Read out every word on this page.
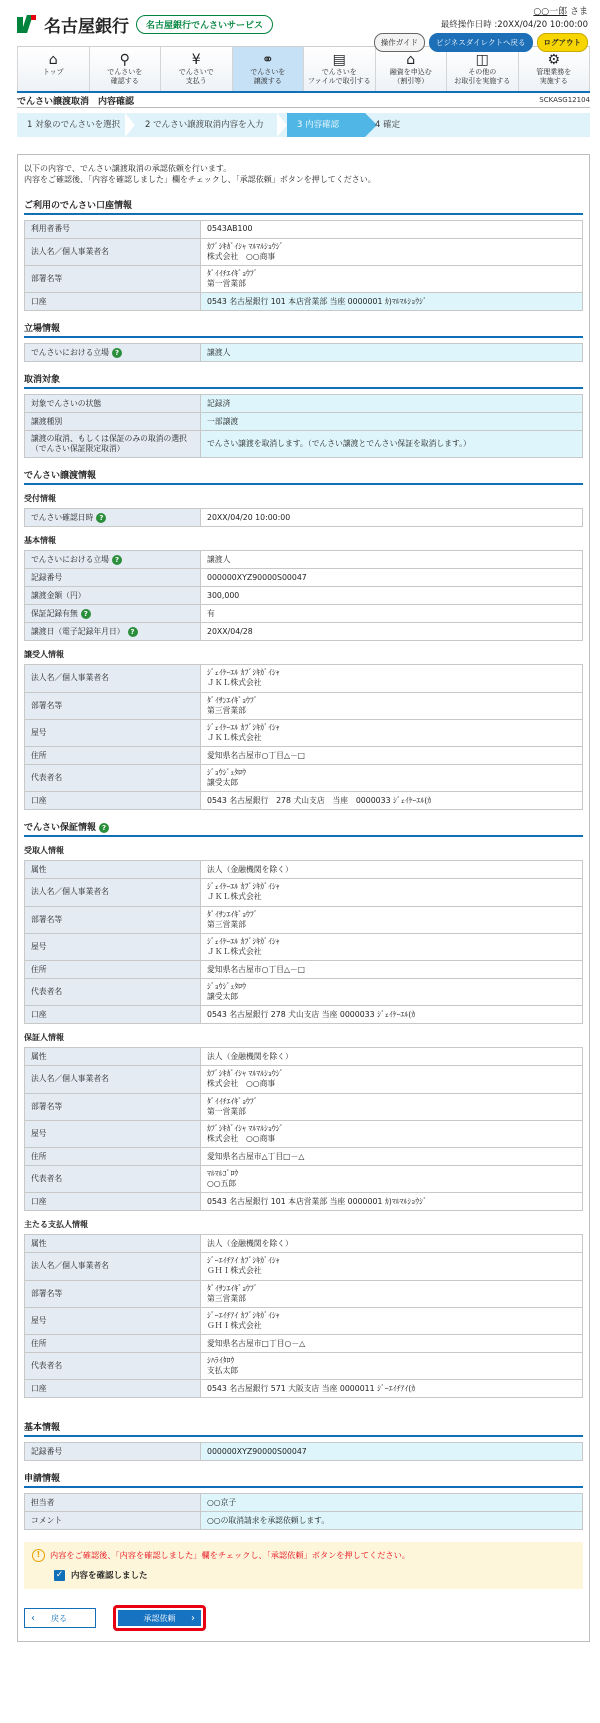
名古屋銀行	名古屋銀行でんさいサービス
○○一郎 さま
最終操作日時 :20XX/04/20 10:00:00
操作ガイド	ビジネスダイレクトへ戻る	ログアウト
⌂
トップ
⚲
でんさいを
確認する
¥
でんさいで
支払う
⚭
でんさいを
譲渡する
▤
でんさいを
ファイルで取引する
⌂
融資を申込む
（割引等）
◫
その他の
お取引を実施する
⚙
管理業務を
実施する
でんさい譲渡取消　内容確認	SCKASG12104
1 対象のでんさいを選択	2 でんさい譲渡取消内容を入力	3 内容確認	4 確定
以下の内容で、でんさい譲渡取消の承認依頼を行います。
内容をご確認後、「内容を確認しました」欄をチェックし、「承認依頼」ボタンを押してください。
ご利用のでんさい口座情報
利用者番号	0543AB100
法人名／個人事業者名	ｶﾌﾞｼｷｶﾞｲｼｬ ﾏﾙﾏﾙｼｮｳｼﾞ
株式会社　○○商事
部署名等	ﾀﾞｲｲﾁｴｲｷﾞｮｳﾌﾞ
第一営業部
口座	0543 名古屋銀行 101 本店営業部 当座 0000001 ｶ)ﾏﾙﾏﾙｼｮｳｼﾞ
立場情報
でんさいにおける立場 ?	譲渡人
取消対象
対象でんさいの状態	記録済
譲渡種別	一部譲渡
譲渡の取消、もしくは保証のみの取消の選択（でんさい保証限定取消）	でんさい譲渡を取消します。（でんさい譲渡とでんさい保証を取消します。）
でんさい譲渡情報
受付情報
でんさい確認日時 ?	20XX/04/20 10:00:00
基本情報
でんさいにおける立場 ?	譲渡人
記録番号	000000XYZ90000S00047
譲渡金額（円）	300,000
保証記録有無 ?	有
譲渡日（電子記録年月日） ?	20XX/04/28
譲受人情報
法人名／個人事業者名	ｼﾞｪｲｹｰｴﾙ ｶﾌﾞｼｷｶﾞｲｼｬ
ＪＫＬ株式会社
部署名等	ﾀﾞｲｻﾝｴｲｷﾞｮｳﾌﾞ
第三営業部
屋号	ｼﾞｪｲｹｰｴﾙ ｶﾌﾞｼｷｶﾞｲｼｬ
ＪＫＬ株式会社
住所	愛知県名古屋市○丁目△－□
代表者名	ｼﾞｮｳｼﾞｭﾀﾛｳ
譲受太郎
口座	0543 名古屋銀行　278 犬山支店　当座　0000033 ｼﾞｪｲｹｰｴﾙ(ｶ
でんさい保証情報 ?
受取人情報
属性	法人（金融機関を除く）
法人名／個人事業者名	ｼﾞｪｲｹｰｴﾙ ｶﾌﾞｼｷｶﾞｲｼｬ
ＪＫＬ株式会社
部署名等	ﾀﾞｲｻﾝｴｲｷﾞｮｳﾌﾞ
第三営業部
屋号	ｼﾞｪｲｹｰｴﾙ ｶﾌﾞｼｷｶﾞｲｼｬ
ＪＫＬ株式会社
住所	愛知県名古屋市○丁目△－□
代表者名	ｼﾞｮｳｼﾞｭﾀﾛｳ
譲受太郎
口座	0543 名古屋銀行 278 犬山支店 当座 0000033 ｼﾞｪｲｹｰｴﾙ(ｶ
保証人情報
属性	法人（金融機関を除く）
法人名／個人事業者名	ｶﾌﾞｼｷｶﾞｲｼｬ ﾏﾙﾏﾙｼｮｳｼﾞ
株式会社　○○商事
部署名等	ﾀﾞｲｲﾁｴｲｷﾞｮｳﾌﾞ
第一営業部
屋号	ｶﾌﾞｼｷｶﾞｲｼｬ ﾏﾙﾏﾙｼｮｳｼﾞ
株式会社　○○商事
住所	愛知県名古屋市△丁目□－△
代表者名	ﾏﾙﾏﾙｺﾞﾛｳ
○○五郎
口座	0543 名古屋銀行 101 本店営業部 当座 0000001 ｶ)ﾏﾙﾏﾙｼｮｳｼﾞ
主たる支払人情報
属性	法人（金融機関を除く）
法人名／個人事業者名	ｼﾞｰｴｲﾁｱｲ ｶﾌﾞｼｷｶﾞｲｼｬ
ＧＨＩ株式会社
部署名等	ﾀﾞｲｻﾝｴｲｷﾞｮｳﾌﾞ
第三営業部
屋号	ｼﾞｰｴｲﾁｱｲ ｶﾌﾞｼｷｶﾞｲｼｬ
ＧＨＩ株式会社
住所	愛知県名古屋市□丁目○－△
代表者名	ｼﾊﾗｲﾀﾛｳ
支払太郎
口座	0543 名古屋銀行 571 大阪支店 当座 0000011 ｼﾞｰｴｲﾁｱｲ(ｶ
基本情報
記録番号	000000XYZ90000S00047
申請情報
担当者	○○京子
コメント	○○の取消請求を承認依頼します。
!	内容をご確認後、「内容を確認しました」欄をチェックし、「承認依頼」ボタンを押してください。
✓ 内容を確認しました
‹ 戻る	承認依頼 ›
